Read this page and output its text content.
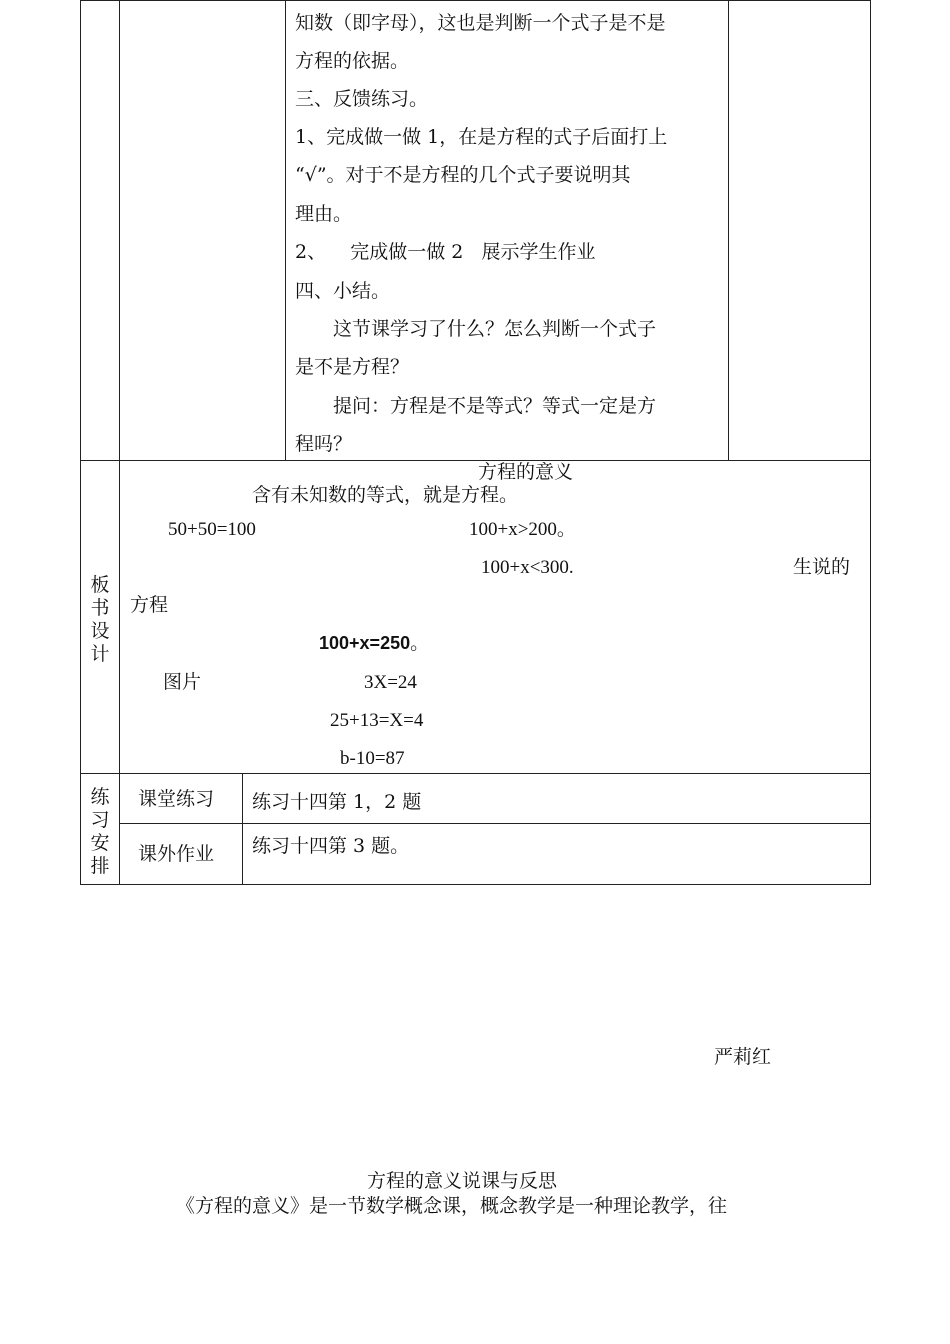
知数（即字母），这也是判断一个式子是不是
方程的依据。
三、反馈练习。
1、完成做一做 1，在是方程的式子后面打上
“√”。对于不是方程的几个式子要说明其
理由。
2、    完成做一做 2   展示学生作业
四、小结。
这节课学习了什么？怎么判断一个式子
是不是方程？
提问：方程是不是等式？等式一定是方
程吗？
板
书
设
计
方程的意义
含有未知数的等式，就是方程。
50+50=100	100+x>200。
100+x<300.	生说的
方程
100+x=250。
图片	3X=24
25+13=X=4
b-10=87
练
习
安
排
课堂练习 练习十四第 1，2 题
课外作业 练习十四第 3 题。
严莉红
方程的意义说课与反思
《方程的意义》是一节数学概念课，概念教学是一种理论教学，往
